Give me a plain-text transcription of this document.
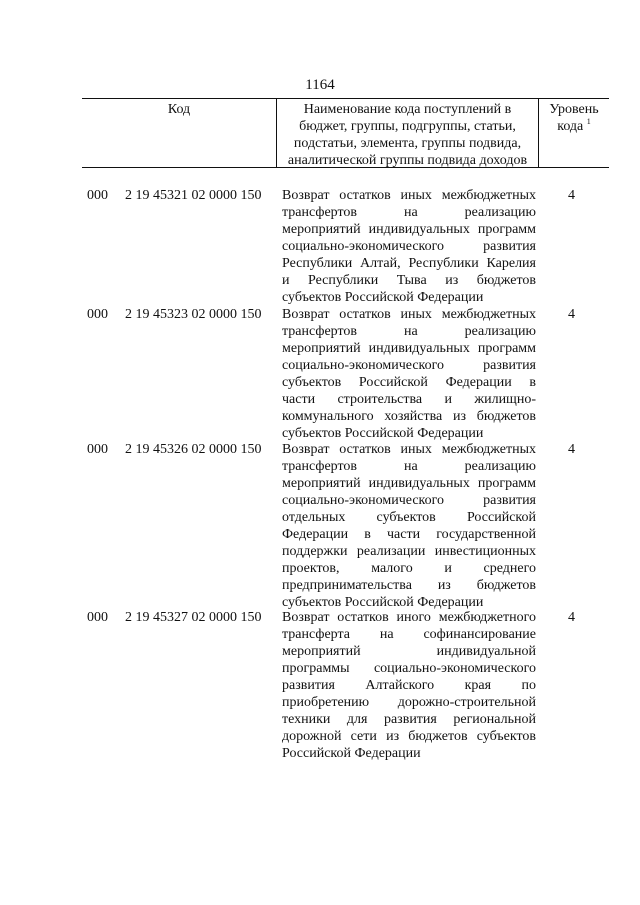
1164
Код	Наименование кода поступлений в
бюджет, группы, подгруппы, статьи,
подстатьи, элемента, группы подвида,
аналитической группы подвида доходов
Уровень
кода $^1$
000 2 19 45321 02 0000 150 Возврат остатков иных межбюджетных
трансфертов на реализацию
мероприятий индивидуальных программ
социально-экономического развития
Республики Алтай, Республики Карелия
и Республики Тыва из бюджетов
субъектов Российской Федерации
4
000 2 19 45323 02 0000 150 Возврат остатков иных межбюджетных
трансфертов на реализацию
мероприятий индивидуальных программ
социально-экономического развития
субъектов Российской Федерации в
части строительства и жилищно-
коммунального хозяйства из бюджетов
субъектов Российской Федерации
4
000 2 19 45326 02 0000 150 Возврат остатков иных межбюджетных
трансфертов на реализацию
мероприятий индивидуальных программ
социально-экономического развития
отдельных субъектов Российской
Федерации в части государственной
поддержки реализации инвестиционных
проектов, малого и среднего
предпринимательства из бюджетов
субъектов Российской Федерации
4
000 2 19 45327 02 0000 150 Возврат остатков иного межбюджетного
трансферта на софинансирование
мероприятий индивидуальной
программы социально-экономического
развития Алтайского края по
приобретению дорожно-строительной
техники для развития региональной
дорожной сети из бюджетов субъектов
Российской Федерации
4
